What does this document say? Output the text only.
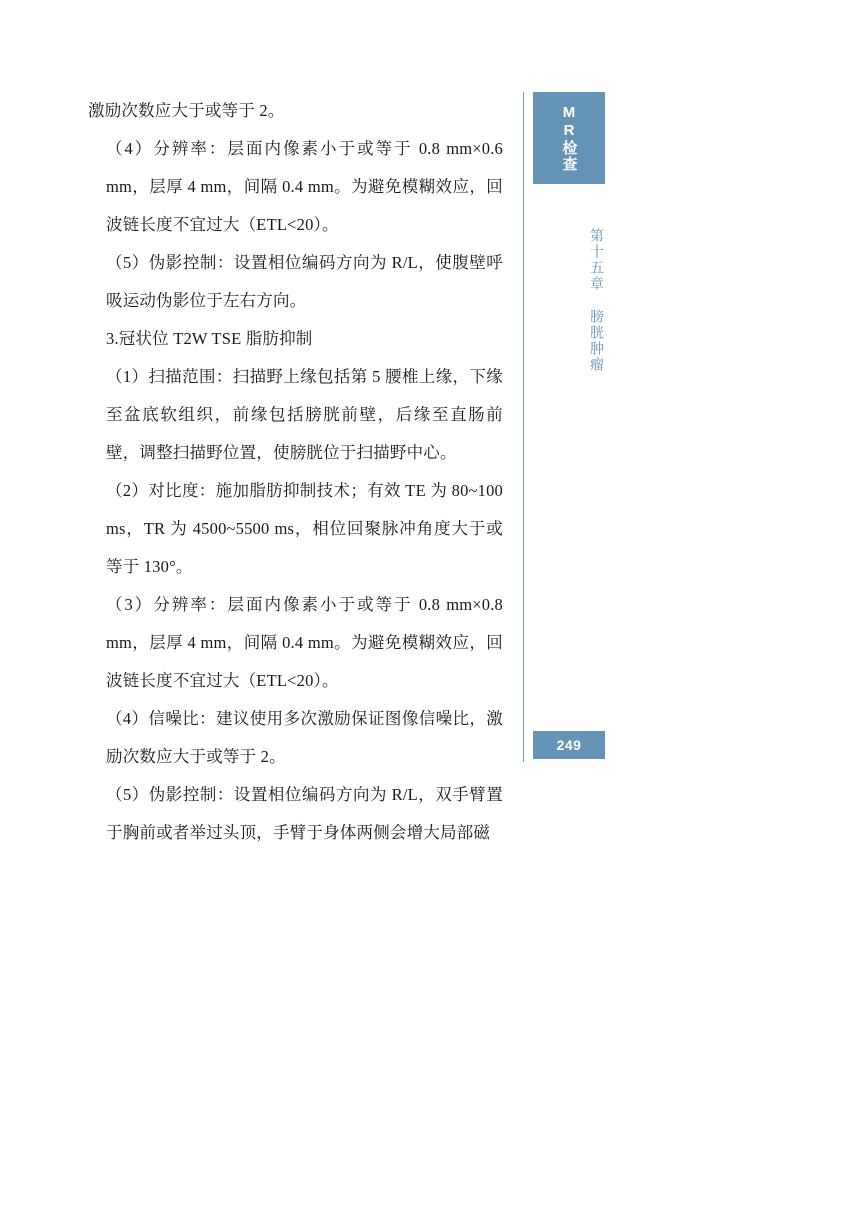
激励次数应大于或等于 2。

（4）分辨率：层面内像素小于或等于 0.8 mm×0.6 mm，层厚 4 mm，间隔 0.4 mm。为避免模糊效应，回波链长度不宜过大（ETL<20）。

（5）伪影控制：设置相位编码方向为 R/L，使腹壁呼吸运动伪影位于左右方向。

3.冠状位 T2W TSE 脂肪抑制

（1）扫描范围：扫描野上缘包括第 5 腰椎上缘，下缘至盆底软组织，前缘包括膀胱前壁，后缘至直肠前壁，调整扫描野位置，使膀胱位于扫描野中心。

（2）对比度：施加脂肪抑制技术；有效 TE 为 80~100 ms，TR 为 4500~5500 ms，相位回聚脉冲角度大于或等于 130°。

（3）分辨率：层面内像素小于或等于 0.8 mm×0.8 mm，层厚 4 mm，间隔 0.4 mm。为避免模糊效应，回波链长度不宜过大（ETL<20）。

（4）信噪比：建议使用多次激励保证图像信噪比，激励次数应大于或等于 2。

（5）伪影控制：设置相位编码方向为 R/L，双手臂置于胸前或者举过头顶，手臂于身体两侧会增大局部磁

MR检查
第十五章 膀胱肿瘤
249
